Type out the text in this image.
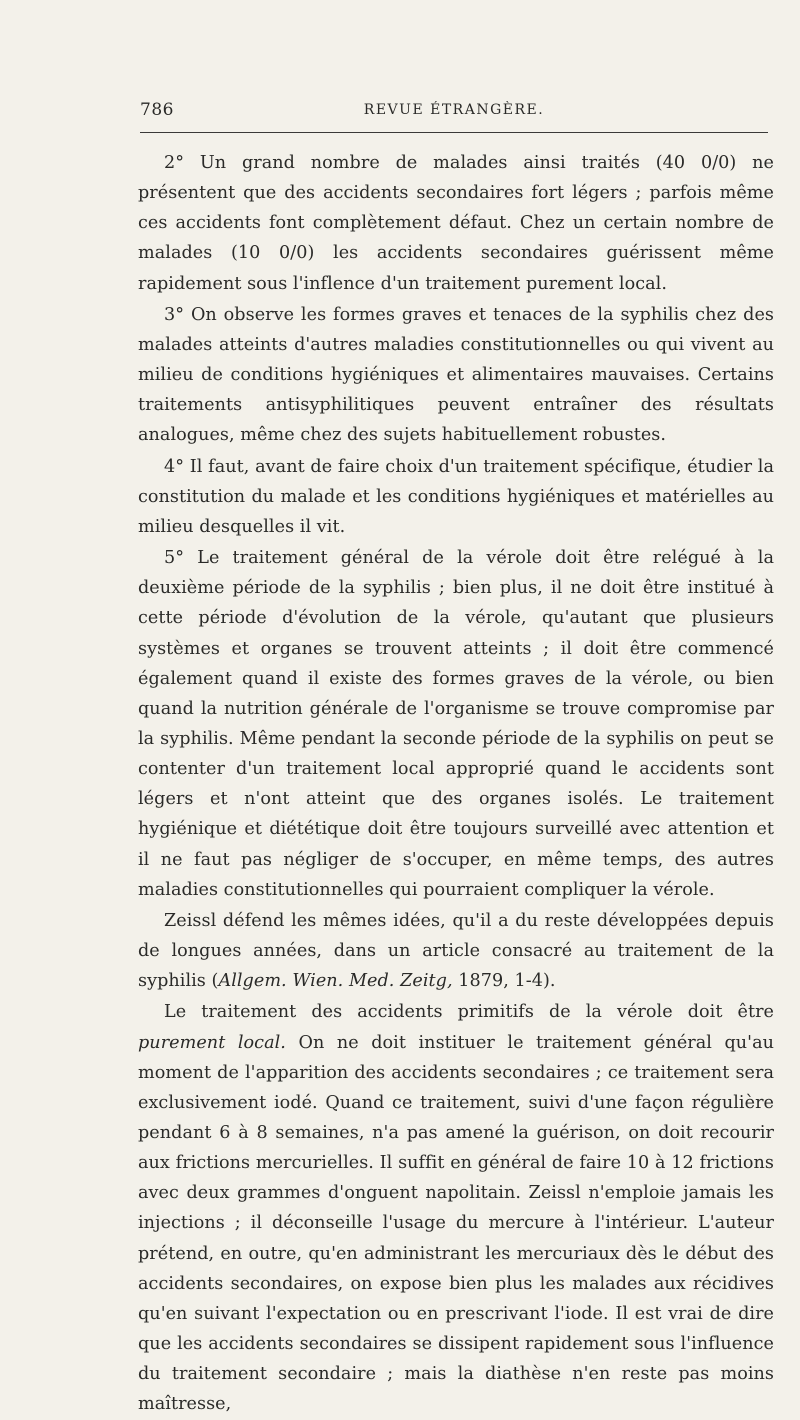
786	REVUE ÉTRANGÈRE.

2° Un grand nombre de malades ainsi traités (40 0/0) ne présentent que des accidents secondaires fort légers ; parfois même ces accidents font complètement défaut. Chez un certain nombre de malades (10 0/0) les accidents secondaires guérissent même rapidement sous l'inflence d'un traitement purement local.

3° On observe les formes graves et tenaces de la syphilis chez des malades atteints d'autres maladies constitutionnelles ou qui vivent au milieu de conditions hygiéniques et alimentaires mauvaises. Certains traitements antisyphilitiques peuvent entraîner des résultats analogues, même chez des sujets habituellement robustes.

4° Il faut, avant de faire choix d'un traitement spécifique, étudier la constitution du malade et les conditions hygiéniques et matérielles au milieu desquelles il vit.

5° Le traitement général de la vérole doit être relégué à la deuxième période de la syphilis ; bien plus, il ne doit être institué à cette période d'évolution de la vérole, qu'autant que plusieurs systèmes et organes se trouvent atteints ; il doit être commencé également quand il existe des formes graves de la vérole, ou bien quand la nutrition générale de l'organisme se trouve compromise par la syphilis. Même pendant la seconde période de la syphilis on peut se contenter d'un traitement local approprié quand le accidents sont légers et n'ont atteint que des organes isolés. Le traitement hygiénique et diététique doit être toujours surveillé avec attention et il ne faut pas négliger de s'occuper, en même temps, des autres maladies constitutionnelles qui pourraient compliquer la vérole.

Zeissl défend les mêmes idées, qu'il a du reste développées depuis de longues années, dans un article consacré au traitement de la syphilis (Allgem. Wien. Med. Zeitg, 1879, 1-4).

Le traitement des accidents primitifs de la vérole doit être purement local. On ne doit instituer le traitement général qu'au moment de l'apparition des accidents secondaires ; ce traitement sera exclusivement iodé. Quand ce traitement, suivi d'une façon régulière pendant 6 à 8 semaines, n'a pas amené la guérison, on doit recourir aux frictions mercurielles. Il suffit en général de faire 10 à 12 frictions avec deux grammes d'onguent napolitain. Zeissl n'emploie jamais les injections ; il déconseille l'usage du mercure à l'intérieur. L'auteur prétend, en outre, qu'en administrant les mercuriaux dès le début des accidents secondaires, on expose bien plus les malades aux récidives qu'en suivant l'expectation ou en prescrivant l'iode. Il est vrai de dire que les accidents secondaires se dissipent rapidement sous l'influence du traitement secondaire ; mais la diathèse n'en reste pas moins maîtresse,
